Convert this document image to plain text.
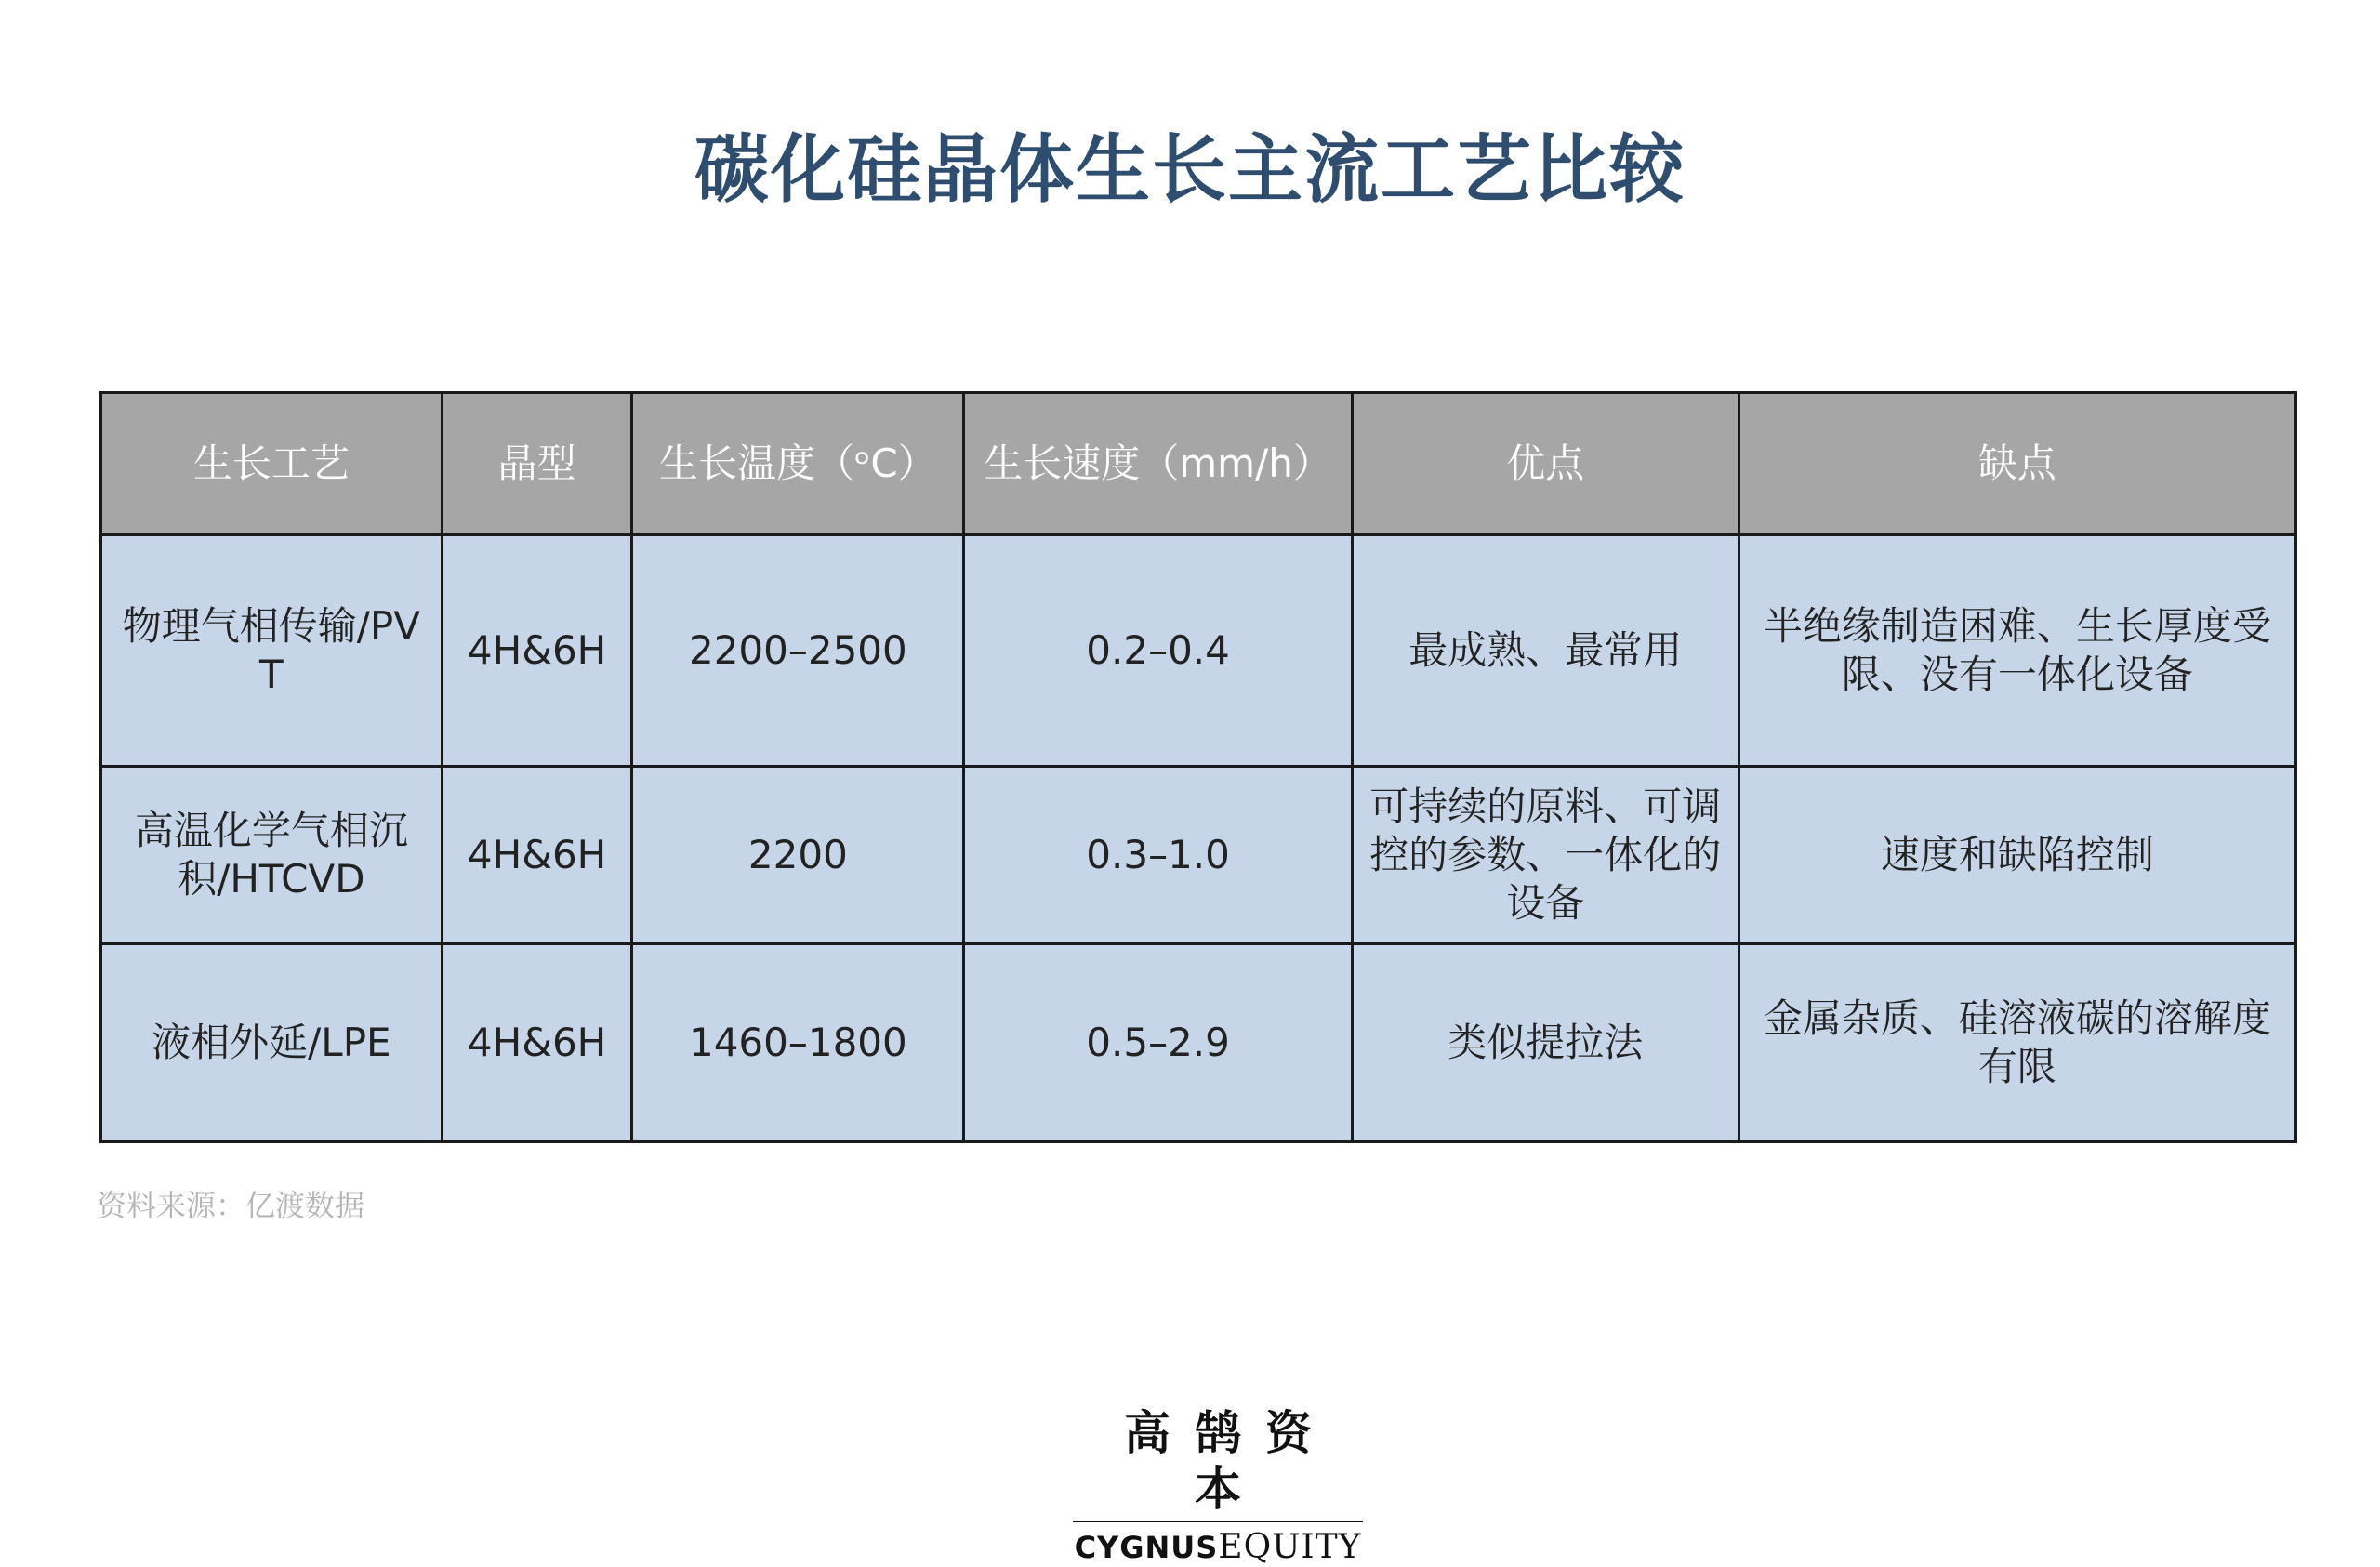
碳化硅晶体生长主流工艺比较
生长工艺	晶型	生长温度（ᵒC）	生长速度（mm/h）	优点	缺点
物理气相传输/PVT	4H&6H	2200–2500	0.2–0.4	最成熟、最常用	半绝缘制造困难、生长厚度受限、没有一体化设备
高温化学气相沉积/HTCVD	4H&6H	2200	0.3–1.0	可持续的原料、可调控的参数、一体化的设备	速度和缺陷控制
液相外延/LPE	4H&6H	1460–1800	0.5–2.9	类似提拉法	金属杂质、硅溶液碳的溶解度有限
资料来源：亿渡数据
高鹄资本
CYGNUSEQUITY
